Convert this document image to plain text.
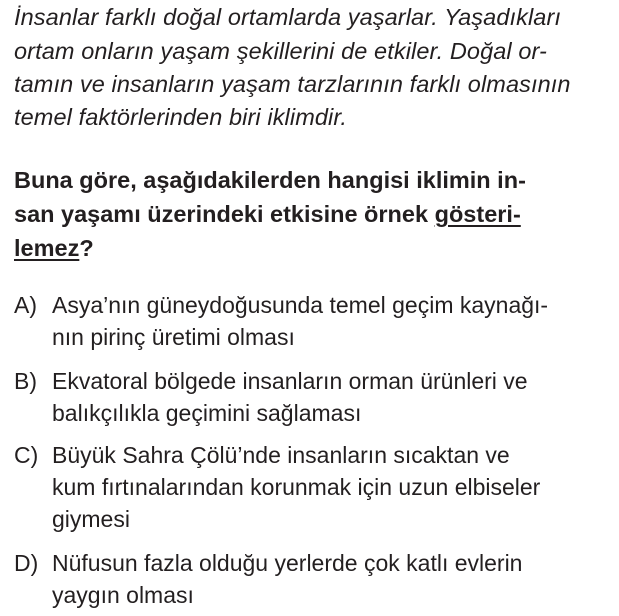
İnsanlar farklı doğal ortamlarda yaşarlar. Yaşadıkları
ortam onların yaşam şekillerini de etkiler. Doğal or-
tamın ve insanların yaşam tarzlarının farklı olmasının
temel faktörlerinden biri iklimdir.
Buna göre, aşağıdakilerden hangisi iklimin in-
san yaşamı üzerindeki etkisine örnek gösteri-
lemez?
A) Asya’nın güneydoğusunda temel geçim kaynağı-
nın pirinç üretimi olması
B) Ekvatoral bölgede insanların orman ürünleri ve
balıkçılıkla geçimini sağlaması
C) Büyük Sahra Çölü’nde insanların sıcaktan ve
kum fırtınalarından korunmak için uzun elbiseler
giymesi
D) Nüfusun fazla olduğu yerlerde çok katlı evlerin
yaygın olması
